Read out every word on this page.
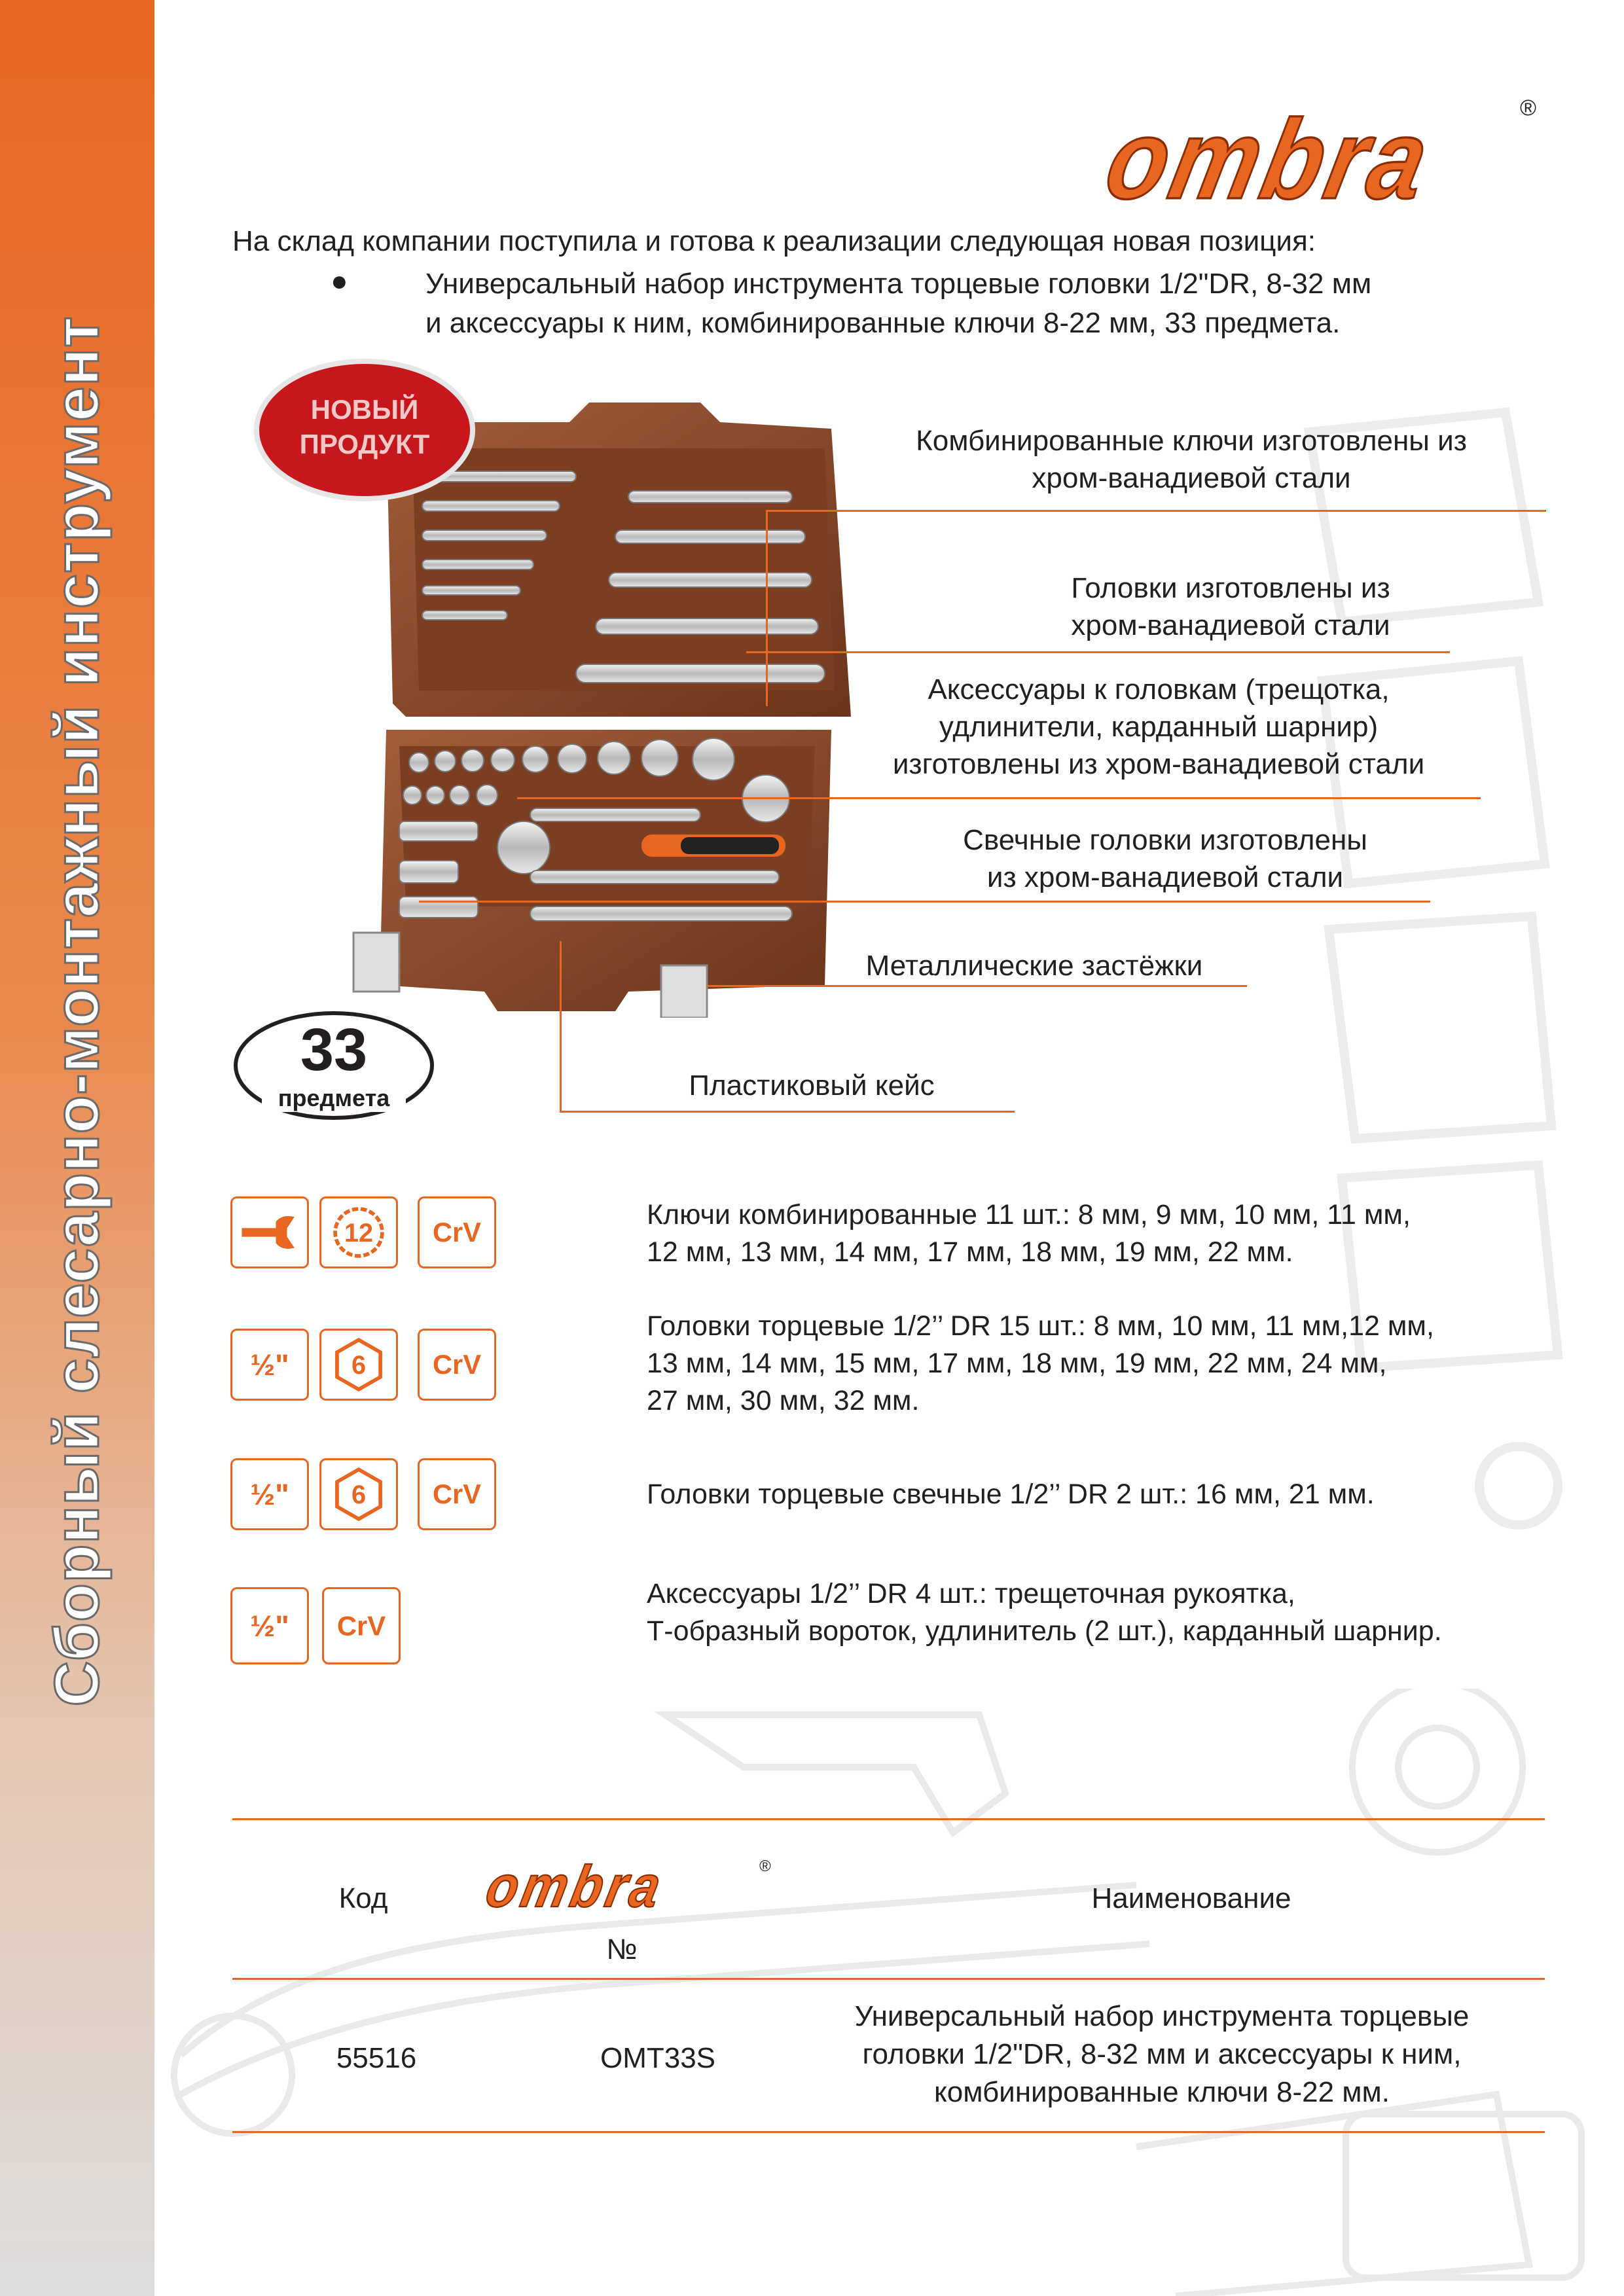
Сборный слесарно-монтажный инструмент
ombra	®
На склад компании поступила и готова к реализации следующая новая позиция:
●	Универсальный набор инструмента торцевые головки 1/2"DR, 8-32 мм
и аксессуары к ним, комбинированные ключи 8-22 мм, 33 предмета.
НОВЫЙ
ПРОДУКТ
33
предмета
Комбинированные ключи изготовлены из
хром-ванадиевой стали
Головки изготовлены из
хром-ванадиевой стали
Аксессуары к головкам (трещотка,
удлинители, карданный шарнир)
изготовлены из хром-ванадиевой стали
Свечные головки изготовлены
из хром-ванадиевой стали
Металлические застёжки
Пластиковый кейс
12 CrV
½" 6 CrV
½" 6 CrV
½" CrV
Ключи комбинированные 11 шт.: 8 мм, 9 мм, 10 мм, 11 мм,
12 мм, 13 мм, 14 мм, 17 мм, 18 мм, 19 мм, 22 мм.
Головки торцевые 1/2’’ DR 15 шт.: 8 мм, 10 мм, 11 мм,12 мм,
13 мм, 14 мм, 15 мм, 17 мм, 18 мм, 19 мм, 22 мм, 24 мм,
27 мм, 30 мм, 32 мм.
Головки торцевые свечные 1/2’’ DR 2 шт.: 16 мм, 21 мм.
Аксессуары 1/2’’ DR 4 шт.: трещеточная рукоятка,
Т-образный вороток, удлинитель (2 шт.), карданный шарнир.
Код	ombra	®
№
Наименование
55516	OMT33S
Универсальный набор инструмента торцевые
головки 1/2"DR, 8-32 мм и аксессуары к ним,
комбинированные ключи 8-22 мм.
